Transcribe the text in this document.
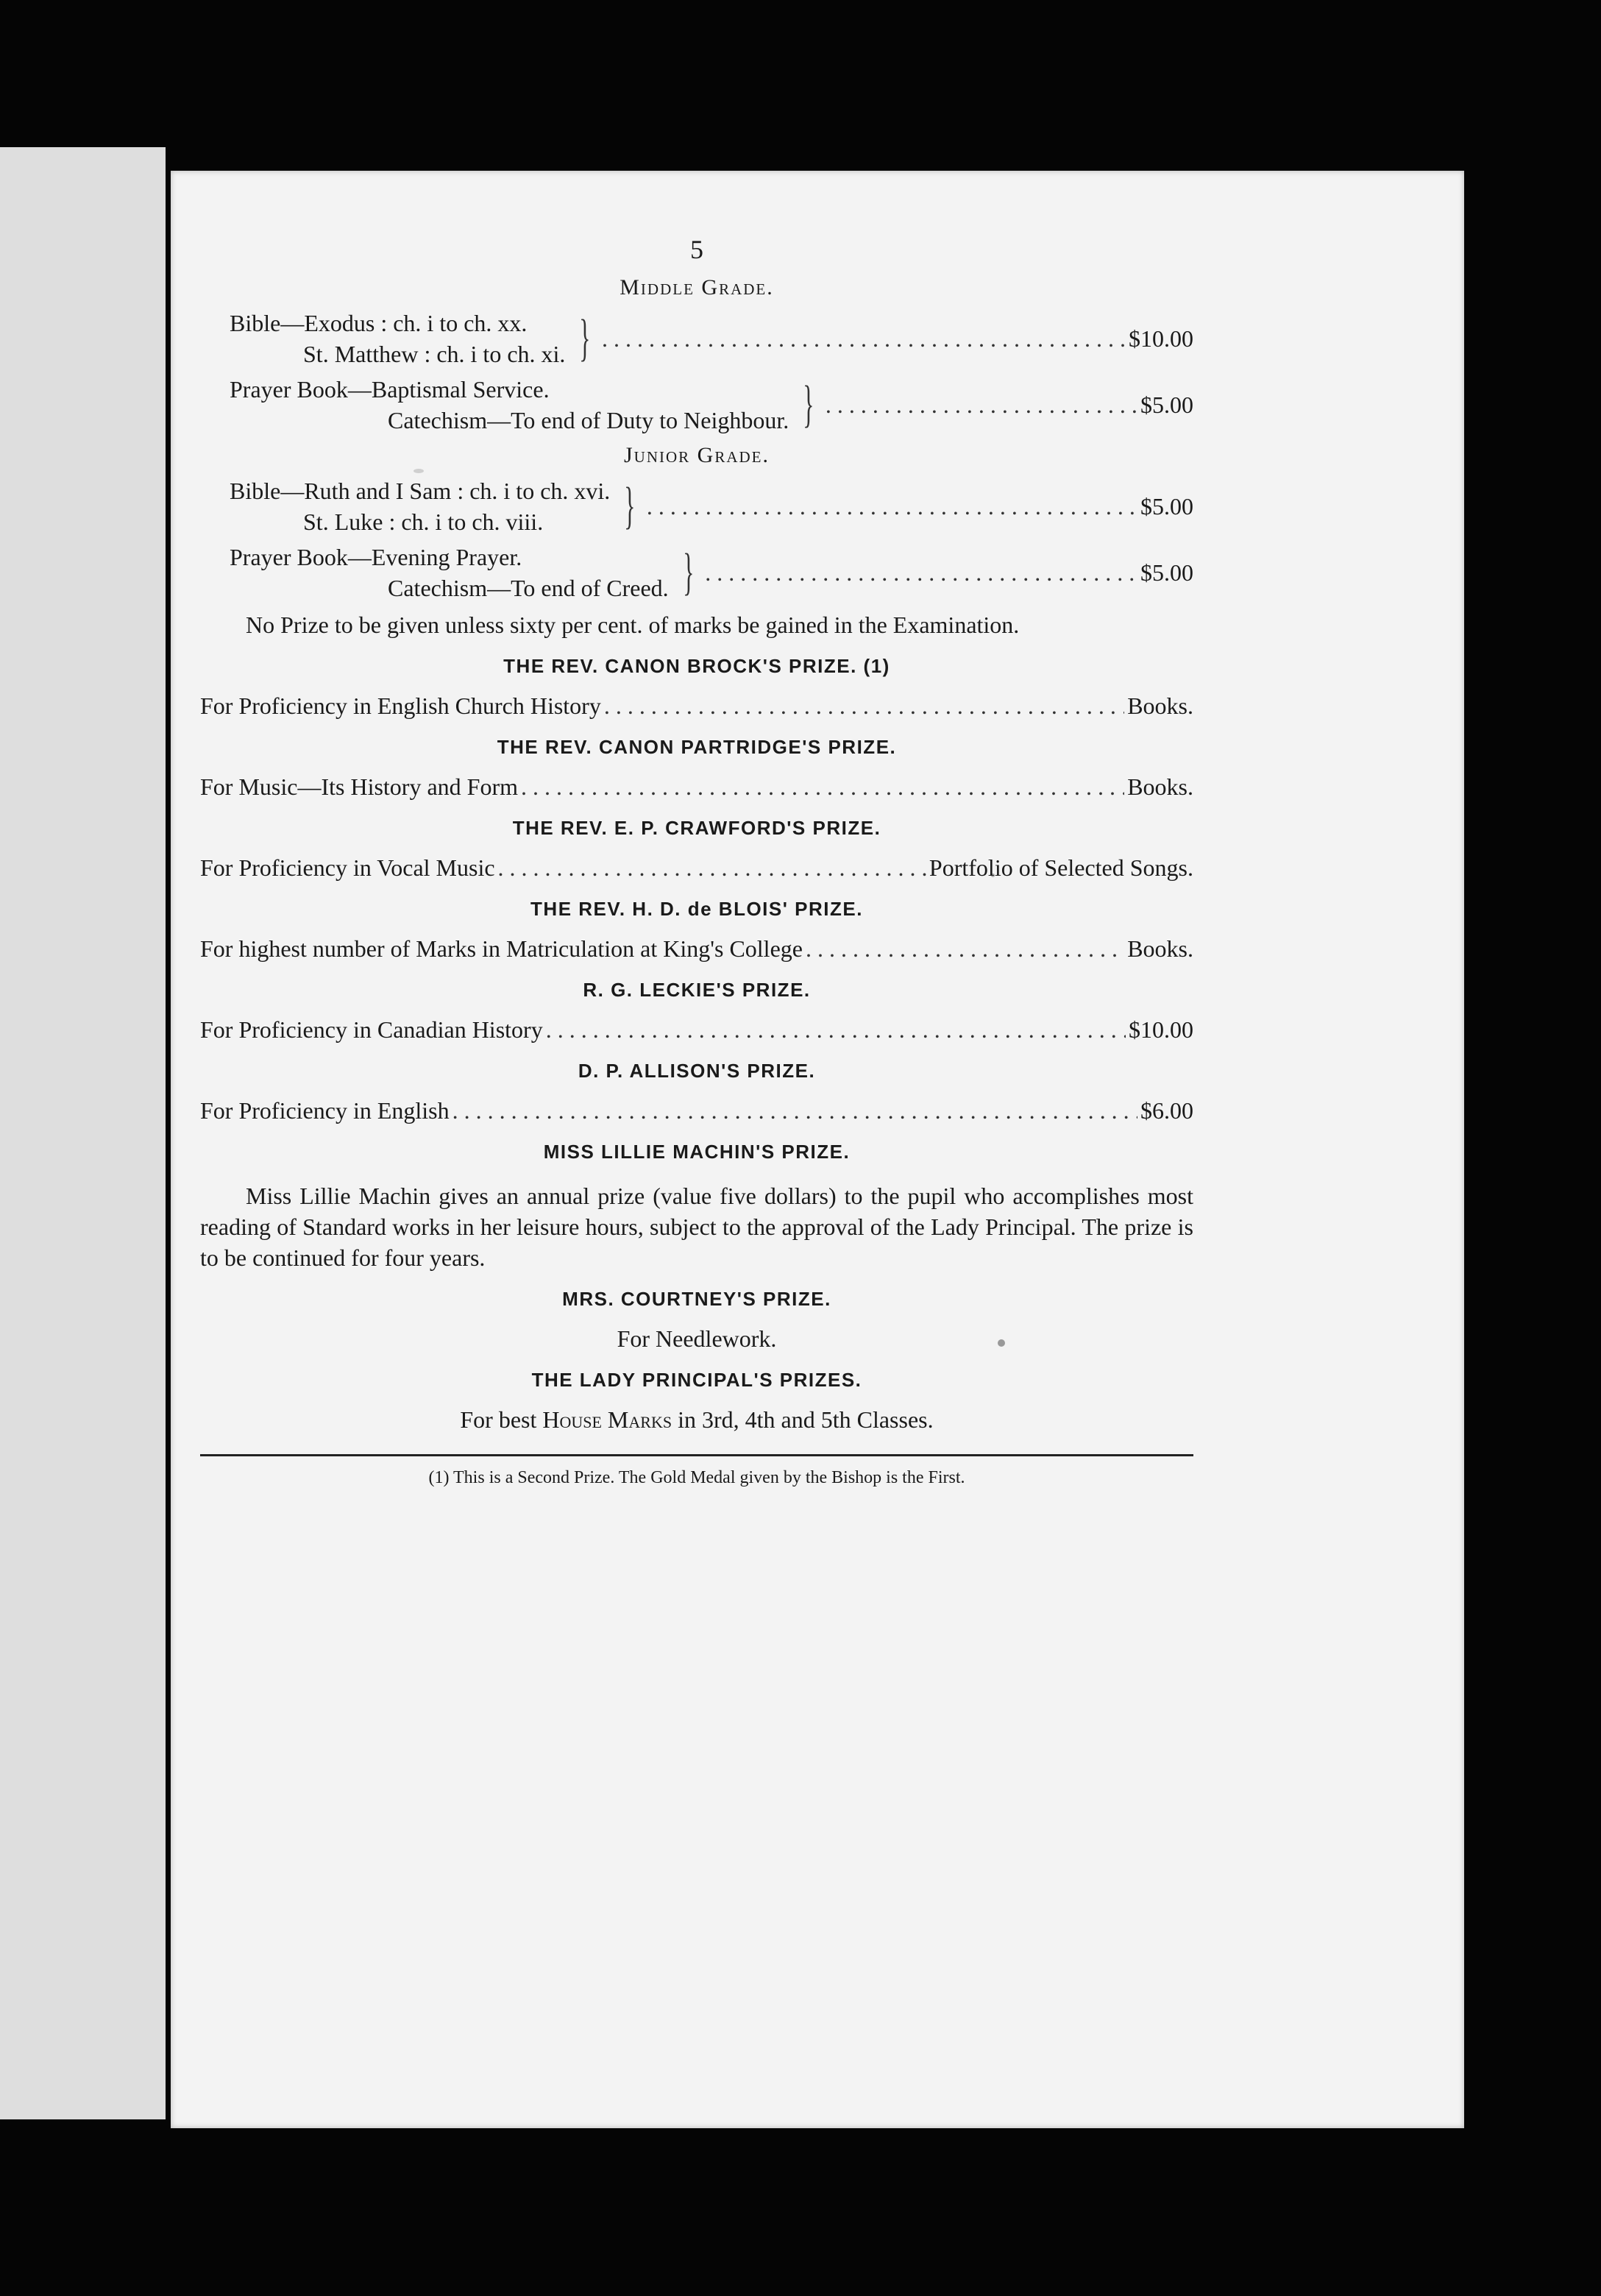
5
Middle Grade.
Bible—Exodus : ch. i to ch. xx.
St. Matthew : ch. i to ch. xi. } . . .	$10.00
Prayer Book—Baptismal Service.
Catechism—To end of Duty to Neighbour. } . . .	$5.00
Junior Grade.
Bible—Ruth and I Sam : ch. i to ch. xvi.
St. Luke : ch. i to ch. viii.	} . . .	$5.00
Prayer Book—Evening Prayer.
Catechism—To end of Creed. } . . .	$5.00
No Prize to be given unless sixty per cent. of marks be gained in the Examination.
THE REV. CANON BROCK'S PRIZE. (1)
For Proficiency in English Church History . . .	Books.
THE REV. CANON PARTRIDGE'S PRIZE.
For Music—Its History and Form . . .	Books.
THE REV. E. P. CRAWFORD'S PRIZE.
For Proficiency in Vocal Music . . .	Portfolio of Selected Songs.
THE REV. H. D. de BLOIS' PRIZE.
For highest number of Marks in Matriculation at King's College . . .	Books.
R. G. LECKIE'S PRIZE.
For Proficiency in Canadian History . . .	$10.00
D. P. ALLISON'S PRIZE.
For Proficiency in English . . .	$6.00
MISS LILLIE MACHIN'S PRIZE.
Miss Lillie Machin gives an annual prize (value five dollars) to the pupil who accomplishes most reading of Standard works in her leisure hours, subject to the approval of the Lady Principal. The prize is to be continued for four years.
MRS. COURTNEY'S PRIZE.
For Needlework.
THE LADY PRINCIPAL'S PRIZES.
For best House Marks in 3rd, 4th and 5th Classes.
(1) This is a Second Prize. The Gold Medal given by the Bishop is the First.
